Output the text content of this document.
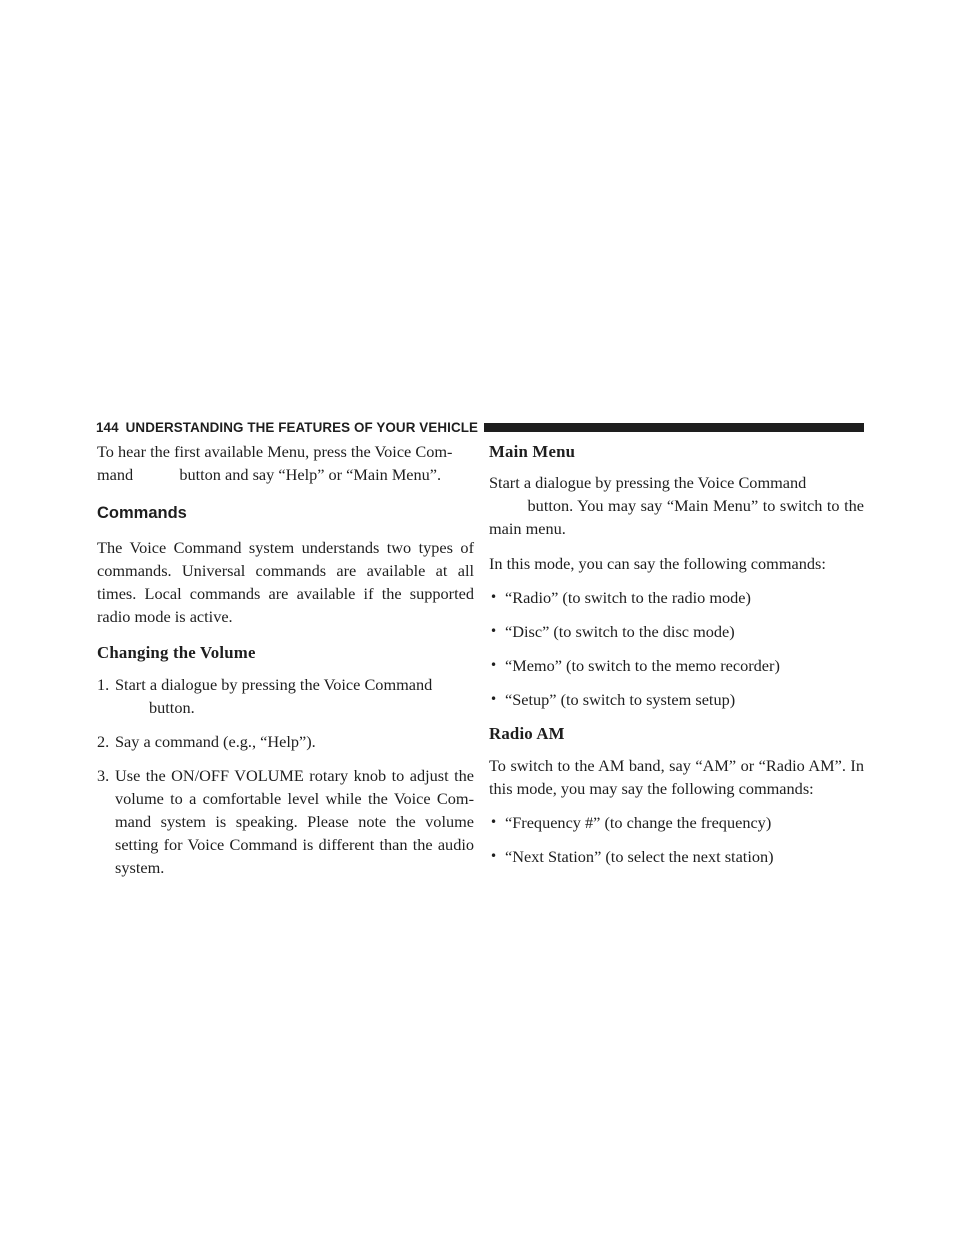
144 UNDERSTANDING THE FEATURES OF YOUR VEHICLE

To hear the first available Menu, press the Voice Com-
mand	button and say “Help” or “Main Menu”.

Commands

The Voice Command system understands two types of commands. Universal commands are available at all times. Local commands are available if the supported radio mode is active.

Changing the Volume
1. Start a dialogue by pressing the Voice Command
button.
2. Say a command (e.g., “Help”).
3. Use the ON/OFF VOLUME rotary knob to adjust the volume to a comfortable level while the Voice Com- mand system is speaking. Please note the volume setting for Voice Command is different than the audio system.
Main Menu

Start a dialogue by pressing the Voice Command
button. You may say “Main Menu” to switch to the main menu.

In this mode, you can say the following commands:

• “Radio” (to switch to the radio mode)
• “Disc” (to switch to the disc mode)
• “Memo” (to switch to the memo recorder)
• “Setup” (to switch to system setup)
Radio AM

To switch to the AM band, say “AM” or “Radio AM”. In this mode, you may say the following commands:

• “Frequency #” (to change the frequency)
• “Next Station” (to select the next station)
